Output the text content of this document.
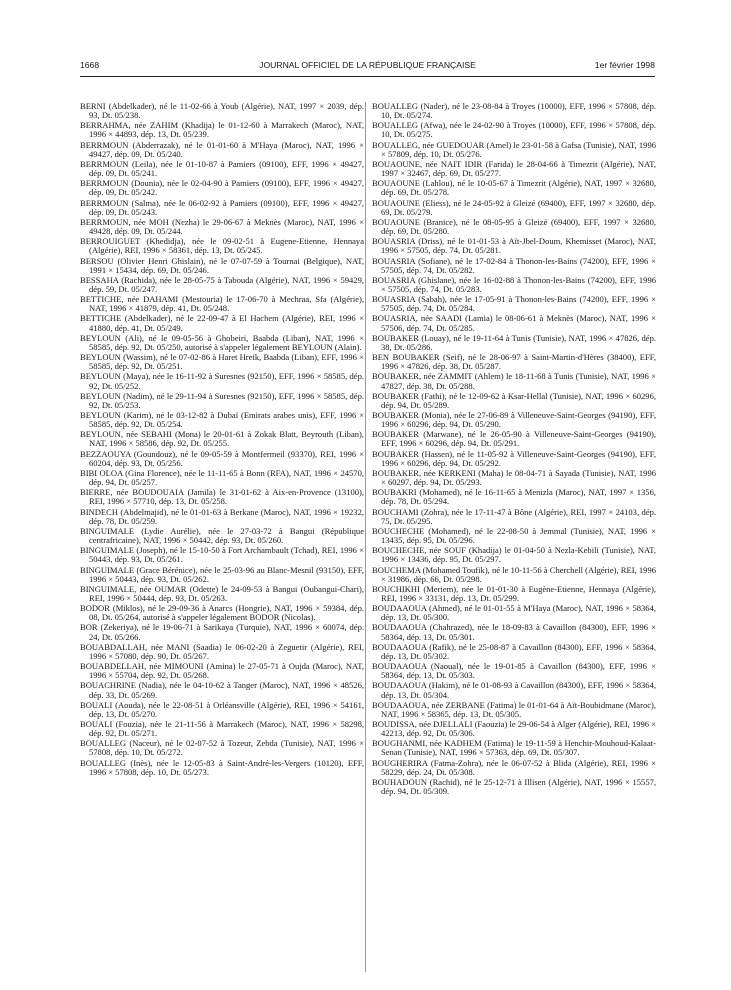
1668	JOURNAL OFFICIEL DE LA RÉPUBLIQUE FRANÇAISE	1er février 1998

BERNI (Abdelkader), né le 11-02-66 à Youb (Algérie), NAT, 1997 × 2039, dép. 93, Dt. 05/238.

BERRAHMA, née ZAHIM (Khadija) le 01-12-60 à Marrakech (Maroc), NAT, 1996 × 44893, dép. 13, Dt. 05/239.

BERRMOUN (Abderrazak), né le 01-01-60 à M'Haya (Maroc), NAT, 1996 × 49427, dép. 09, Dt. 05/240.

BERRMOUN (Leila), née le 01-10-87 à Pamiers (09100), EFF, 1996 × 49427, dép. 09, Dt. 05/241.

BERRMOUN (Dounia), née le 02-04-90 à Pamiers (09100), EFF, 1996 × 49427, dép. 09, Dt. 05/242.

BERRMOUN (Salma), née le 06-02-92 à Pamiers (09100), EFF, 1996 × 49427, dép. 09, Dt. 05/243.

BERRMOUN, née MOH (Nezha) le 29-06-67 à Meknès (Maroc), NAT, 1996 × 49428, dép. 09, Dt. 05/244.

BERROUIGUET (Khedidja), née le 09-02-51 à Eugene-Etienne, Hennaya (Algérie), REI, 1996 × 58361, dép. 13, Dt. 05/245.

BERSOU (Olivier Henri Ghislain), né le 07-07-59 à Tournai (Belgique), NAT, 1991 × 15434, dép. 69, Dt. 05/246.

BESSAHA (Rachida), née le 28-05-75 à Tabouda (Algérie), NAT, 1996 × 59429, dép. 59, Dt. 05/247.

BETTICHE, née DAHAMI (Mestouria) le 17-06-70 à Mechraa, Sfa (Algérie), NAT, 1996 × 41879, dép. 41, Dt. 05/248.

BETTICHE (Abdelkader), né le 22-09-47 à El Hachem (Algérie), REI, 1996 × 41880, dép. 41, Dt. 05/249.

BEYLOUN (Ali), né le 09-05-56 à Ghobeiri, Baabda (Liban), NAT, 1996 × 58585, dép. 92, Dt. 05/250, autorisé à s'appeler légalement BEYLOUN (Alain).

BEYLOUN (Wassim), né le 07-02-86 à Haret Hreik, Baabda (Liban), EFF, 1996 × 58585, dép. 92, Dt. 05/251.

BEYLOUN (Maya), née le 16-11-92 à Suresnes (92150), EFF, 1996 × 58585, dép. 92, Dt. 05/252.

BEYLOUN (Nadim), né le 29-11-94 à Suresnes (92150), EFF, 1996 × 58585, dép. 92, Dt. 05/253.

BEYLOUN (Karim), né le 03-12-82 à Dubaï (Emirats arabes unis), EFF, 1996 × 58585, dép. 92, Dt. 05/254.

BEYLOUN, née SEBAHI (Mona) le 20-01-61 à Zokak Blatt, Beyrouth (Liban), NAT, 1996 × 58586, dép. 92, Dt. 05/255.

BEZZAOUYA (Goundouz), né le 09-05-59 à Montfermeil (93370), REI, 1996 × 60204, dép. 93, Dt. 05/256.

BIBI OLOA (Gina Florence), née le 11-11-65 à Bonn (RFA), NAT, 1996 × 24570, dép. 94, Dt. 05/257.

BIERRE, née BOUDOUAIA (Jamila) le 31-01-62 à Aix-en-Provence (13100), REI, 1996 × 57710, dép. 13, Dt. 05/258.

BINDECH (Abdelmajid), né le 01-01-63 à Berkane (Maroc), NAT, 1996 × 19232, dép. 78, Dt. 05/259.

BINGUIMALE (Lydie Aurélie), née le 27-03-72 à Bangui (République centrafricaine), NAT, 1996 × 50442, dép. 93, Dt. 05/260.

BINGUIMALE (Joseph), né le 15-10-50 à Fort Archambault (Tchad), REI, 1996 × 50443, dép. 93, Dt. 05/261.

BINGUIMALE (Grace Bérénice), née le 25-03-96 au Blanc-Mesnil (93150), EFF, 1996 × 50443, dép. 93, Dt. 05/262.

BINGUIMALE, née OUMAR (Odette) le 24-09-53 à Bangui (Oubangui-Chari), REI, 1996 × 50444, dép. 93, Dt. 05/263.

BODOR (Miklos), né le 29-09-36 à Anarcs (Hongrie), NAT, 1996 × 59384, dép. 08, Dt. 05/264, autorisé à s'appeler légalement BODOR (Nicolas).

BOR (Zekeriya), né le 19-06-71 à Sarikaya (Turquie), NAT, 1996 × 60074, dép. 24, Dt. 05/266.

BOUABDALLAH, née MANI (Saadia) le 06-02-20 à Zeguetir (Algérie), REI, 1996 × 57080, dép. 90, Dt. 05/267.

BOUABDELLAH, née MIMOUNI (Amina) le 27-05-71 à Oujda (Maroc), NAT, 1996 × 55704, dép. 92, Dt. 05/268.

BOUACHRINE (Nadia), née le 04-10-62 à Tanger (Maroc), NAT, 1996 × 48526, dép. 33, Dt. 05/269.

BOUALI (Aouda), née le 22-08-51 à Orléansville (Algérie), REI, 1996 × 54161, dép. 13, Dt. 05/270.

BOUALI (Fouzia), née le 21-11-56 à Marrakech (Maroc), NAT, 1996 × 58298, dép. 92, Dt. 05/271.

BOUALLEG (Naceur), né le 02-07-52 à Tozeur, Zebda (Tunisie), NAT, 1996 × 57808, dép. 10, Dt. 05/272.

BOUALLEG (Inès), née le 12-05-83 à Saint-André-les-Vergers (10120), EFF, 1996 × 57808, dép. 10, Dt. 05/273.

BOUALLEG (Nader), né le 23-08-84 à Troyes (10000), EFF, 1996 × 57808, dép. 10, Dt. 05/274.

BOUALLEG (Afwa), née le 24-02-90 à Troyes (10000), EFF, 1996 × 57808, dép. 10, Dt. 05/275.

BOUALLEG, née GUEDOUAR (Amel) le 23-01-58 à Gafsa (Tunisie), NAT, 1996 × 57809, dép. 10, Dt. 05/276.

BOUAOUNE, née NAIT IDIR (Farida) le 28-04-66 à Timezrit (Algérie), NAT, 1997 × 32467, dép. 69, Dt. 05/277.

BOUAOUNE (Lahlou), né le 10-05-67 à Timezrit (Algérie), NAT, 1997 × 32680, dép. 69, Dt. 05/278.

BOUAOUNE (Eliess), né le 24-05-92 à Gleizé (69400), EFF, 1997 × 32680, dép. 69, Dt. 05/279.

BOUAOUNE (Branice), né le 08-05-95 à Gleizé (69400), EFF, 1997 × 32680, dép. 69, Dt. 05/280.

BOUASRIA (Driss), né le 01-01-53 à Aït-Jbel-Doum, Khemisset (Maroc), NAT, 1996 × 57505, dép. 74, Dt. 05/281.

BOUASRIA (Sofiane), né le 17-02-84 à Thonon-les-Bains (74200), EFF, 1996 × 57505, dép. 74, Dt. 05/282.

BOUASRIA (Ghislane), née le 16-02-88 à Thonon-les-Bains (74200), EFF, 1996 × 57505, dép. 74, Dt. 05/283.

BOUASRIA (Sabah), née le 17-05-91 à Thonon-les-Bains (74200), EFF, 1996 × 57505, dép. 74, Dt. 05/284.

BOUASRIA, née SAADI (Lamia) le 08-06-61 à Meknès (Maroc), NAT, 1996 × 57506, dép. 74, Dt. 05/285.

BOUBAKER (Louay), né le 19-11-64 à Tunis (Tunisie), NAT, 1996 × 47826, dép. 38, Dt. 05/286.

BEN BOUBAKER (Seif), né le 28-06-97 à Saint-Martin-d'Hères (38400), EFF, 1996 × 47826, dép. 38, Dt. 05/287.

BOUBAKER, née ZAMMIT (Ahlem) le 18-11-68 à Tunis (Tunisie), NAT, 1996 × 47827, dép. 38, Dt. 05/288.

BOUBAKER (Fathi), né le 12-09-62 à Ksar-Hellal (Tunisie), NAT, 1996 × 60296, dép. 94, Dt. 05/289.

BOUBAKER (Monia), née le 27-06-89 à Villeneuve-Saint-Georges (94190), EFF, 1996 × 60296, dép. 94, Dt. 05/290.

BOUBAKER (Marwane), né le 26-05-90 à Villeneuve-Saint-Georges (94190), EFF, 1996 × 60296, dép. 94, Dt. 05/291.

BOUBAKER (Hassen), né le 11-05-92 à Villeneuve-Saint-Georges (94190), EFF, 1996 × 60296, dép. 94, Dt. 05/292.

BOUBAKER, née KERKENI (Maha) le 08-04-71 à Sayada (Tunisie), NAT, 1996 × 60297, dép. 94, Dt. 05/293.

BOUBAKRI (Mohamed), né le 16-11-65 à Menizla (Maroc), NAT, 1997 × 1356, dép. 78, Dt. 05/294.

BOUCHAMI (Zohra), née le 17-11-47 à Bône (Algérie), REI, 1997 × 24103, dép. 75, Dt. 05/295.

BOUCHECHE (Mohamed), né le 22-08-50 à Jemmal (Tunisie), NAT, 1996 × 13435, dép. 95, Dt. 05/296.

BOUCHECHE, née SOUF (Khadija) le 01-04-50 à Nezla-Kebili (Tunisie), NAT, 1996 × 13436, dép. 95, Dt. 05/297.

BOUCHEMA (Mohamed Toufik), né le 10-11-56 à Cherchell (Algérie), REI, 1996 × 31986, dép. 66, Dt. 05/298.

BOUCHIKHI (Meriem), née le 01-01-30 à Eugène-Etienne, Hennaya (Algérie), REI, 1996 × 33131, dép. 13, Dt. 05/299.

BOUDAAOUA (Ahmed), né le 01-01-55 à M'Haya (Maroc), NAT, 1996 × 58364, dép. 13, Dt. 05/300.

BOUDAAOUA (Chahrazed), née le 18-09-83 à Cavaillon (84300), EFF, 1996 × 58364, dép. 13, Dt. 05/301.

BOUDAAOUA (Rafik), né le 25-08-87 à Cavaillon (84300), EFF, 1996 × 58364, dép. 13, Dt. 05/302.

BOUDAAOUA (Naoual), née le 19-01-85 à Cavaillon (84300), EFF, 1996 × 58364, dép. 13, Dt. 05/303.

BOUDAAOUA (Hakim), né le 01-08-93 à Cavaillon (84300), EFF, 1996 × 58364, dép. 13, Dt. 05/304.

BOUDAAOUA, née ZERBANE (Fatima) le 01-01-64 à Aït-Boubidmane (Maroc), NAT, 1996 × 58365, dép. 13, Dt. 05/305.

BOUDISSA, née DJELLALI (Faouzia) le 29-06-54 à Alger (Algérie), REI, 1996 × 42213, dép. 92, Dt. 05/306.

BOUGHANMI, née KADHEM (Fatima) le 19-11-59 à Henchir-Mouhoud-Kalaat-Senan (Tunisie), NAT, 1996 × 57363, dép. 69, Dt. 05/307.

BOUGHERIRA (Fatma-Zohra), née le 06-07-52 à Blida (Algérie), REI, 1996 × 58229, dép. 24, Dt. 05/308.

BOUHADOUN (Rachid), né le 25-12-71 à Illisen (Algérie), NAT, 1996 × 15557, dép. 94, Dt. 05/309.
